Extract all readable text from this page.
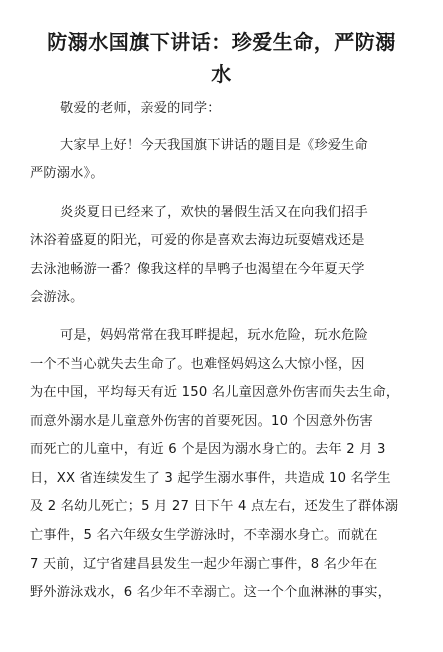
防溺水国旗下讲话：珍爱生命，严防溺
水

敬爱的老师，亲爱的同学：

大家早上好！今天我国旗下讲话的题目是《珍爱生命

严防溺水》。

炎炎夏日已经来了，欢快的暑假生活又在向我们招手

沐浴着盛夏的阳光，可爱的你是喜欢去海边玩耍嬉戏还是

去泳池畅游一番？像我这样的旱鸭子也渴望在今年夏天学

会游泳。

可是，妈妈常常在我耳畔提起，玩水危险，玩水危险

一个不当心就失去生命了。也难怪妈妈这么大惊小怪，因

为在中国，平均每天有近 150 名儿童因意外伤害而失去生命，

而意外溺水是儿童意外伤害的首要死因。10 个因意外伤害

而死亡的儿童中，有近 6 个是因为溺水身亡的。去年 2 月 3

日，XX 省连续发生了 3 起学生溺水事件，共造成 10 名学生

及 2 名幼儿死亡；5 月 27 日下午 4 点左右，还发生了群体溺

亡事件，5 名六年级女生学游泳时，不幸溺水身亡。而就在

7 天前，辽宁省建昌县发生一起少年溺亡事件，8 名少年在

野外游泳戏水，6 名少年不幸溺亡。这一个个血淋淋的事实，
